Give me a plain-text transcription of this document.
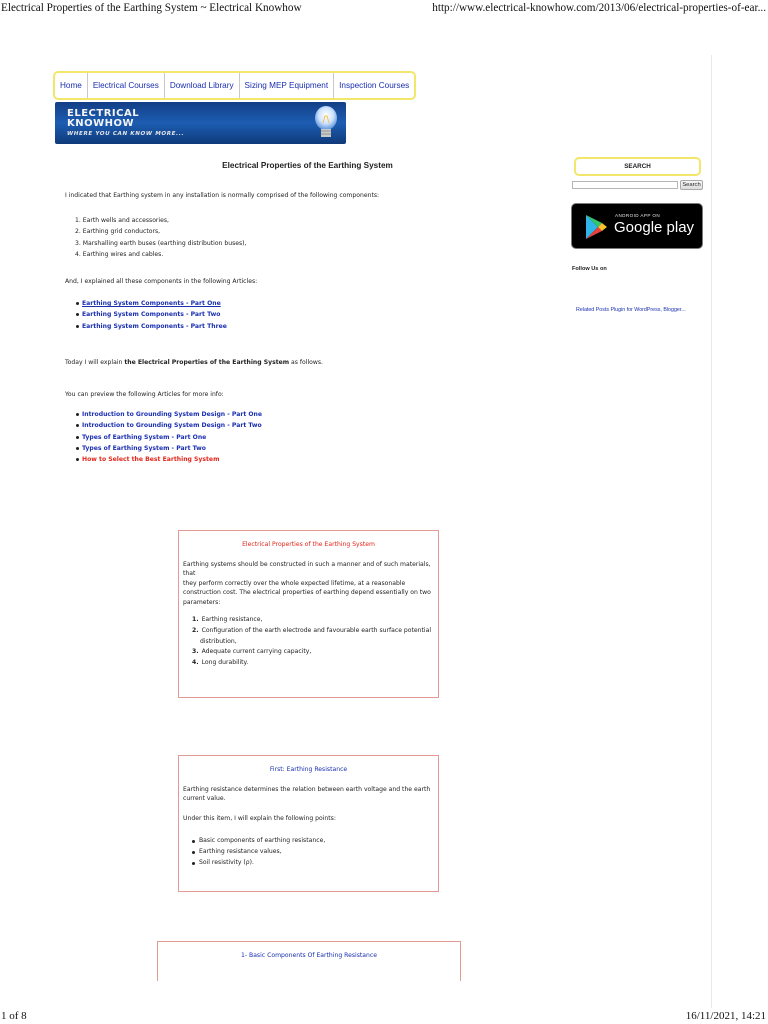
Electrical Properties of the Earthing System ~ Electrical Knowhow	http://www.electrical-knowhow.com/2013/06/electrical-properties-of-ear...
Home	Electrical Courses	Download Library	Sizing MEP Equipment	Inspection Courses
ELECTRICAL
KNOWHOW
WHERE YOU CAN KNOW MORE...
Electrical Properties of the Earthing System
I indicated that Earthing system in any installation is normally comprised of the following components:
1. Earth wells and accessories,
2. Earthing grid conductors,
3. Marshalling earth buses (earthing distribution buses),
4. Earthing wires and cables.
And, I explained all these components in the following Articles:
Earthing System Components - Part One
Earthing System Components - Part Two
Earthing System Components - Part Three
Today I will explain the Electrical Properties of the Earthing System as follows.
You can preview the following Articles for more info:
Introduction to Grounding System Design - Part One
Introduction to Grounding System Design - Part Two
Types of Earthing System - Part One
Types of Earthing System - Part Two
How to Select the Best Earthing System
Electrical Properties of the Earthing System
Earthing systems should be constructed in such a manner and of such materials, that
they perform correctly over the whole expected lifetime, at a reasonable
construction cost. The electrical properties of earthing depend essentially on two
parameters:
1. Earthing resistance,
2. Configuration of the earth electrode and favourable earth surface potential
distribution,
3. Adequate current carrying capacity,
4. Long durability.
First: Earthing Resistance
Earthing resistance determines the relation between earth voltage and the earth
current value.
Under this item, I will explain the following points:
Basic components of earthing resistance,
Earthing resistance values,
Soil resistivity (ρ).
1- Basic Components Of Earthing Resistance
SEARCH
Search
ANDROID APP ON
Google play
Follow Us on
Related Posts Plugin for WordPress, Blogger...
1 of 8	16/11/2021, 14:21
